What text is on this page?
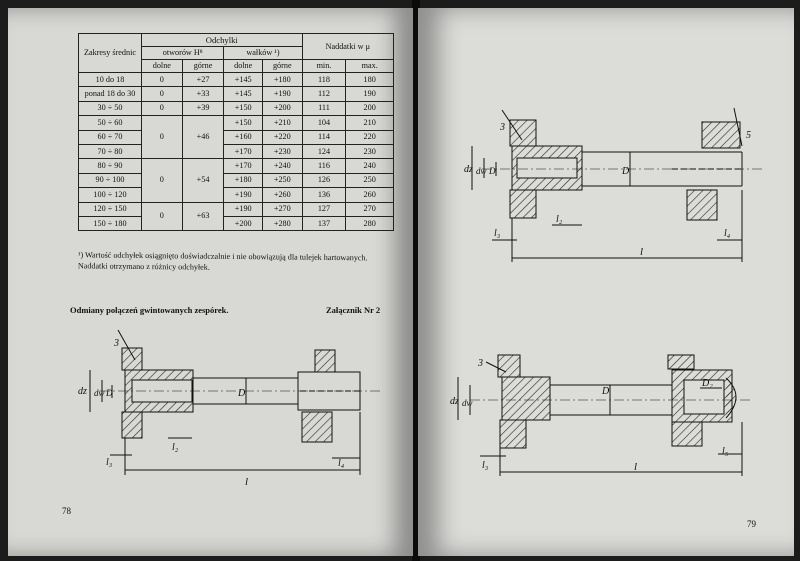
Zakresy średnic	Odchylki				Naddatki w μ	
	otworów H⁸		wałków ¹)			
	dolne	górne	dolne	górne	min.	max.
10 do 18	0	+27	+145	+180	118	180
ponad 18 do 30	0	+33	+145	+190	112	190
30 ÷ 50	0	+39	+150	+200	111	200
50 ÷ 60	0	+46	+150	+210	104	210
60 ÷ 70			+160	+220	114	220
70 ÷ 80			+170	+230	124	230
80 ÷ 90	0	+54	+170	+240	116	240
90 ÷ 100			+180	+250	126	250
100 ÷ 120			+190	+260	136	260
120 ÷ 150	0	+63	+190	+270	127	270
150 ÷ 180			+200	+280	137	280
¹) Wartość odchyłek osiągnięto doświadczalnie i nie obowiązują dla tulejek hartowanych. Naddatki otrzymano z różnicy odchyłek.
Odmiany połączeń gwintowanych zespórek.	Załącznik Nr 2
78
dz dw D	D
l₂
l₃	l₄
l
3
dz dw D	D
l₂
l₃	l₄
l
3
5
dz dw
D
D₂
l₃
l₅
l
3
79
